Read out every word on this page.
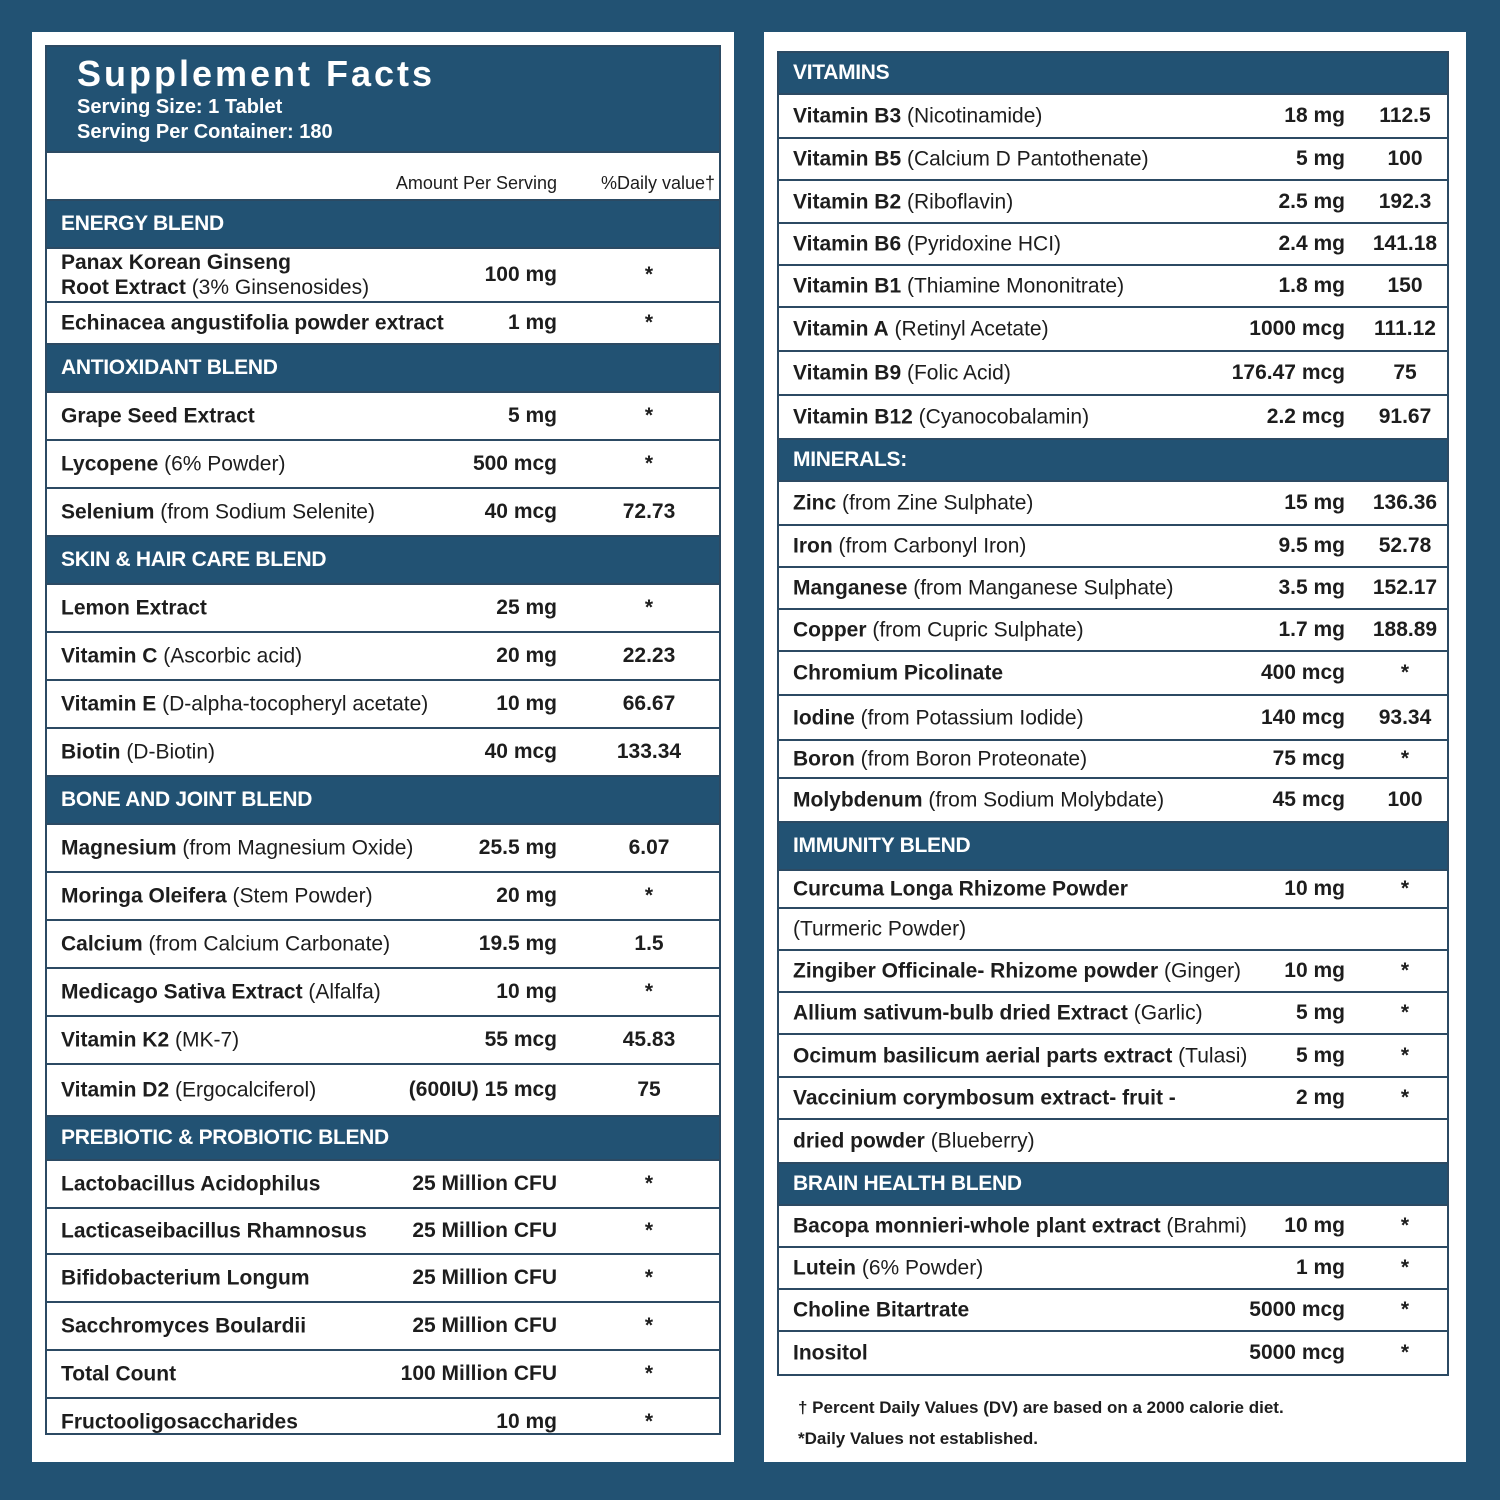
Supplement Facts
Serving Size: 1 Tablet
Serving Per Container: 180
Amount Per Serving %Daily value†
ENERGY BLEND
Panax Korean Ginseng
Root Extract (3% Ginsenosides)
100 mg	*
Echinacea angustifolia powder extract	1 mg	*
ANTIOXIDANT BLEND
Grape Seed Extract	5 mg	*
Lycopene (6% Powder)	500 mcg	*
Selenium (from Sodium Selenite)	40 mcg	72.73
SKIN & HAIR CARE BLEND
Lemon Extract	25 mg	*
Vitamin C (Ascorbic acid)	20 mg	22.23
Vitamin E (D-alpha-tocopheryl acetate)	10 mg	66.67
Biotin (D-Biotin)	40 mcg	133.34
BONE AND JOINT BLEND
Magnesium (from Magnesium Oxide)	25.5 mg	6.07
Moringa Oleifera (Stem Powder)	20 mg	*
Calcium (from Calcium Carbonate)	19.5 mg	1.5
Medicago Sativa Extract (Alfalfa)	10 mg	*
Vitamin K2 (MK-7)	55 mcg	45.83
Vitamin D2 (Ergocalciferol)	(600IU) 15 mcg	75
PREBIOTIC & PROBIOTIC BLEND
Lactobacillus Acidophilus	25 Million CFU	*
Lacticaseibacillus Rhamnosus 25 Million CFU	*
Bifidobacterium Longum	25 Million CFU	*
Sacchromyces Boulardii	25 Million CFU	*
Total Count	100 Million CFU	*
Fructooligosaccharides	10 mg	*
VITAMINS
Vitamin B3 (Nicotinamide)	18 mg	112.5
Vitamin B5 (Calcium D Pantothenate)	5 mg	100
Vitamin B2 (Riboflavin)	2.5 mg	192.3
Vitamin B6 (Pyridoxine HCI)	2.4 mg	141.18
Vitamin B1 (Thiamine Mononitrate)	1.8 mg	150
Vitamin A (Retinyl Acetate)	1000 mcg	111.12
Vitamin B9 (Folic Acid)	176.47 mcg	75
Vitamin B12 (Cyanocobalamin)	2.2 mcg	91.67
MINERALS:
Zinc (from Zine Sulphate)	15 mg	136.36
Iron (from Carbonyl Iron)	9.5 mg	52.78
Manganese (from Manganese Sulphate)	3.5 mg	152.17
Copper (from Cupric Sulphate)	1.7 mg	188.89
Chromium Picolinate	400 mcg	*
Iodine (from Potassium Iodide)	140 mcg	93.34
Boron (from Boron Proteonate)	75 mcg	*
Molybdenum (from Sodium Molybdate)	45 mcg	100
IMMUNITY BLEND
Curcuma Longa Rhizome Powder	10 mg	*
(Turmeric Powder)
Zingiber Officinale- Rhizome powder (Ginger) 10 mg	*
Allium sativum-bulb dried Extract (Garlic)	5 mg	*
Ocimum basilicum aerial parts extract (Tulasi) 5 mg	*
Vaccinium corymbosum extract- fruit -	2 mg	*
dried powder (Blueberry)
BRAIN HEALTH BLEND
Bacopa monnieri-whole plant extract (Brahmi) 10 mg	*
Lutein (6% Powder)	1 mg	*
Choline Bitartrate	5000 mcg	*
Inositol	5000 mcg	*
† Percent Daily Values (DV) are based on a 2000 calorie diet.
*Daily Values not established.
